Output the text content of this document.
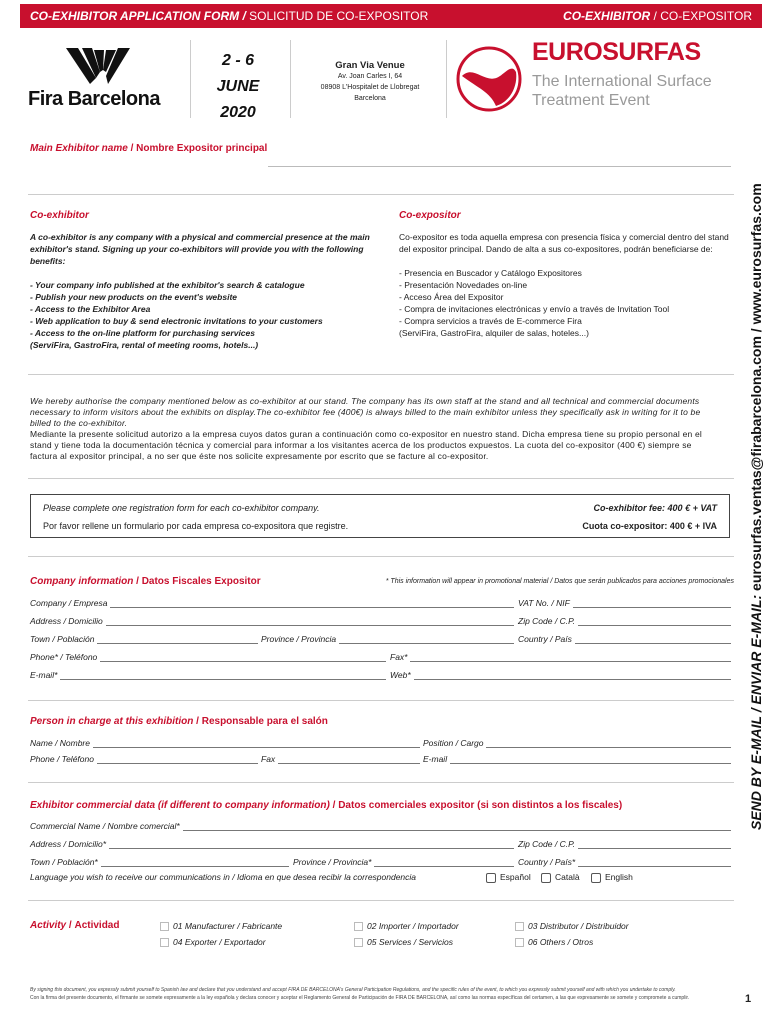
CO-EXHIBITOR APPLICATION FORM / SOLICITUD DE CO-EXPOSITOR	CO-EXHIBITOR / CO-EXPOSITOR
Fira Barcelona
2 - 6
JUNE
2020
Gran Via Venue
Av. Joan Carles I, 64
08908 L'Hospitalet de Llobregat
Barcelona
EUROSURFAS
The International Surface Treatment Event
Main Exhibitor name / Nombre Expositor principal
Co-exhibitor

A co-exhibitor is any company with a physical and commercial presence at the main exhibitor's stand. Signing up your co-exhibitors will provide you with the following benefits:

- Your company info published at the exhibitor's search & catalogue
- Publish your new products on the event's website
- Access to the Exhibitor Area
- Web application to buy & send electronic invitations to your customers
- Access to the on-line platform for purchasing services
(ServiFira, GastroFira, rental of meeting rooms, hotels...)
Co-expositor

Co-expositor es toda aquella empresa con presencia física y comercial dentro del stand del expositor principal. Dando de alta a sus co-expositores, podrán beneficiarse de:

- Presencia en Buscador y Catálogo Expositores
- Presentación Novedades on-line
- Acceso Área del Expositor
- Compra de invitaciones electrónicas y envío a través de Invitation Tool
- Compra servicios a través de E-commerce Fira
(ServiFira, GastroFira, alquiler de salas, hoteles...)
We hereby authorise the company mentioned below as co-exhibitor at our stand. The company has its own staff at the stand and all technical and commercial documents necessary to inform visitors about the exhibits on display.The co-exhibitor fee (400€) is always billed to the main exhibitor unless they specifically ask in writing for it to be billed to the co-exhibitor.
Mediante la presente solicitud autorizo a la empresa cuyos datos guran a continuación como co-expositor en nuestro stand. Dicha empresa tiene su propio personal en el stand y tiene toda la documentación técnica y comercial para informar a los visitantes acerca de los productos expuestos. La cuota del co-expositor (400 €) siempre se factura al expositor principal, a no ser que éste nos solicite expresamente por escrito que se facture al co-expositor.
Please complete one registration form for each co-exhibitor company.
Por favor rellene un formulario por cada empresa co-expositora que registre.
Co-exhibitor fee: 400 € + VAT
Cuota co-expositor: 400 € + IVA
Company information / Datos Fiscales Expositor	* This information will appear in promotional material / Datos que serán publicados para acciones promocionales
Company / Empresa	VAT No. / NIF
Address / Domicilio	Zip Code / C.P.
Town / Población	Province / Provincia	Country / País
Phone* / Teléfono	Fax*
E-mail*	Web*
Person in charge at this exhibition / Responsable para el salón
Name / Nombre	Position / Cargo
Phone / Teléfono	Fax	E-mail
Exhibitor commercial data (if different to company information) / Datos comerciales expositor (si son distintos a los fiscales)
Commercial Name / Nombre comercial*
Address / Domicilio*	Zip Code / C.P.
Town / Población*	Province / Provincia*	Country / País*
Language you wish to receive our communications in / Idioma en que desea recibir la correspondencia	Español	Català	English
Activity / Actividad	01 Manufacturer / Fabricante	02 Importer / Importador	03 Distributor / Distribuidor
04 Exporter / Exportador	05 Services / Servicios	06 Others / Otros
By signing this document, you expressly submit yourself to Spanish law and declare that you understand and accept FIRA DE BARCELONA's General Participation Regulations, and the specific rules of the event, to which you expressly submit yourself and with which you undertake to comply.
Con la firma del presente documento, el firmante se somete expresamente a la ley española y declara conocer y aceptar el Reglamento General de Participación de FIRA DE BARCELONA, así como las normas específicas del certamen, a las que expresamente se somete y compromete a cumplir.	1
SEND BY E-MAIL / ENVIAR E-MAIL: eurosurfas.ventas@firabarcelona.com / www.eurosurfas.com
